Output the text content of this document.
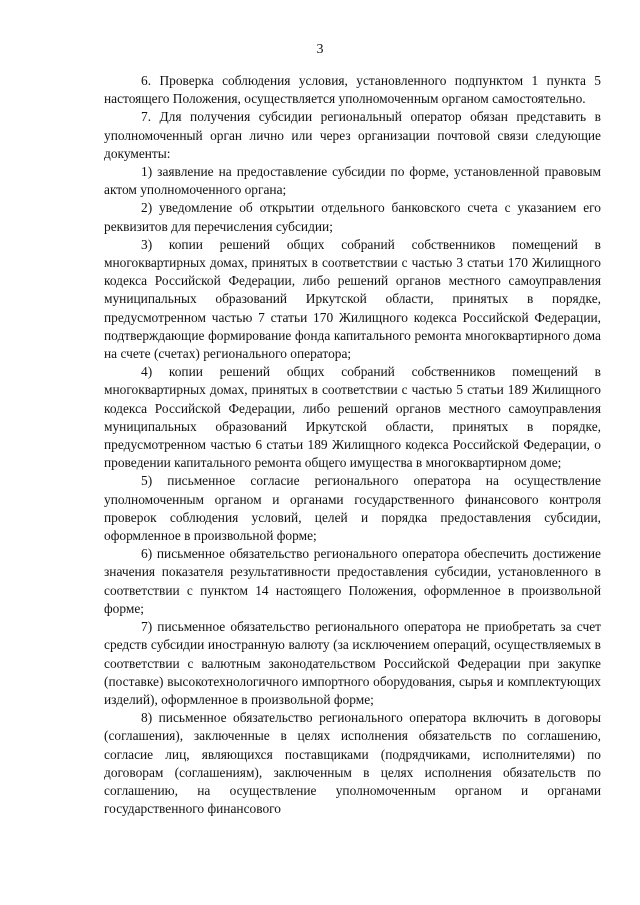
3

6. Проверка соблюдения условия, установленного подпунктом 1 пункта 5 настоящего Положения, осуществляется уполномоченным органом самостоятельно.

7. Для получения субсидии региональный оператор обязан представить в уполномоченный орган лично или через организации почтовой связи следующие документы:

1) заявление на предоставление субсидии по форме, установленной правовым актом уполномоченного органа;

2) уведомление об открытии отдельного банковского счета с указанием его реквизитов для перечисления субсидии;

3) копии решений общих собраний собственников помещений в многоквартирных домах, принятых в соответствии с частью 3 статьи 170 Жилищного кодекса Российской Федерации, либо решений органов местного самоуправления муниципальных образований Иркутской области, принятых в порядке, предусмотренном частью 7 статьи 170 Жилищного кодекса Российской Федерации, подтверждающие формирование фонда капитального ремонта многоквартирного дома на счете (счетах) регионального оператора;

4) копии решений общих собраний собственников помещений в многоквартирных домах, принятых в соответствии с частью 5 статьи 189 Жилищного кодекса Российской Федерации, либо решений органов местного самоуправления муниципальных образований Иркутской области, принятых в порядке, предусмотренном частью 6 статьи 189 Жилищного кодекса Российской Федерации, о проведении капитального ремонта общего имущества в многоквартирном доме;

5) письменное согласие регионального оператора на осуществление уполномоченным органом и органами государственного финансового контроля проверок соблюдения условий, целей и порядка предоставления субсидии, оформленное в произвольной форме;

6) письменное обязательство регионального оператора обеспечить достижение значения показателя результативности предоставления субсидии, установленного в соответствии с пунктом 14 настоящего Положения, оформленное в произвольной форме;

7) письменное обязательство регионального оператора не приобретать за счет средств субсидии иностранную валюту (за исключением операций, осуществляемых в соответствии с валютным законодательством Российской Федерации при закупке (поставке) высокотехнологичного импортного оборудования, сырья и комплектующих изделий), оформленное в произвольной форме;

8) письменное обязательство регионального оператора включить в договоры (соглашения), заключенные в целях исполнения обязательств по соглашению, согласие лиц, являющихся поставщиками (подрядчиками, исполнителями) по договорам (соглашениям), заключенным в целях исполнения обязательств по соглашению, на осуществление уполномоченным органом и органами государственного финансового
